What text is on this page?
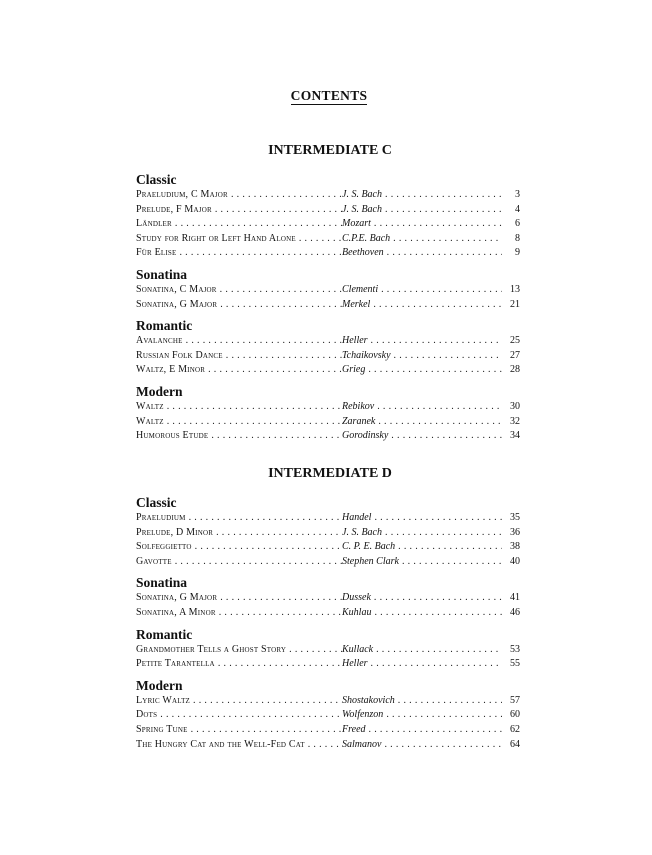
CONTENTS
INTERMEDIATE C
Classic
Praeludium, C Major .....	J. S. Bach .....	3
Prelude, F Major .....	J. S. Bach .....	4
Ländler .....	Mozart .....	6
Study for Right or Left Hand Alone .....	C.P.E. Bach .....	8
Für Elise .....	Beethoven .....	9
Sonatina
Sonatina, C Major .....	Clementi .....	13
Sonatina, G Major .....	Merkel .....	21
Romantic
Avalanche .....	Heller .....	25
Russian Folk Dance .....	Tchaikovsky .....	27
Waltz, E Minor .....	Grieg .....	28
Modern
Waltz .....	Rebikov .....	30
Waltz .....	Zaranek .....	32
Humorous Etude .....	Gorodinsky .....	34
INTERMEDIATE D
Classic
Praeludium .....	Handel .....	35
Prelude, D Minor .....	J. S. Bach .....	36
Solfeggietto .....	C. P. E. Bach .....	38
Gavotte .....	Stephen Clark .....	40
Sonatina
Sonatina, G Major .....	Dussek .....	41
Sonatina, A Minor .....	Kuhlau .....	46
Romantic
Grandmother Tells a Ghost Story .....	Kullack .....	53
Petite Tarantella .....	Heller .....	55
Modern
Lyric Waltz .....	Shostakovich .....	57
Dots .....	Wolfenzon .....	60
Spring Tune .....	Freed .....	62
The Hungry Cat and the Well-Fed Cat .....	Salmanov .....	64
